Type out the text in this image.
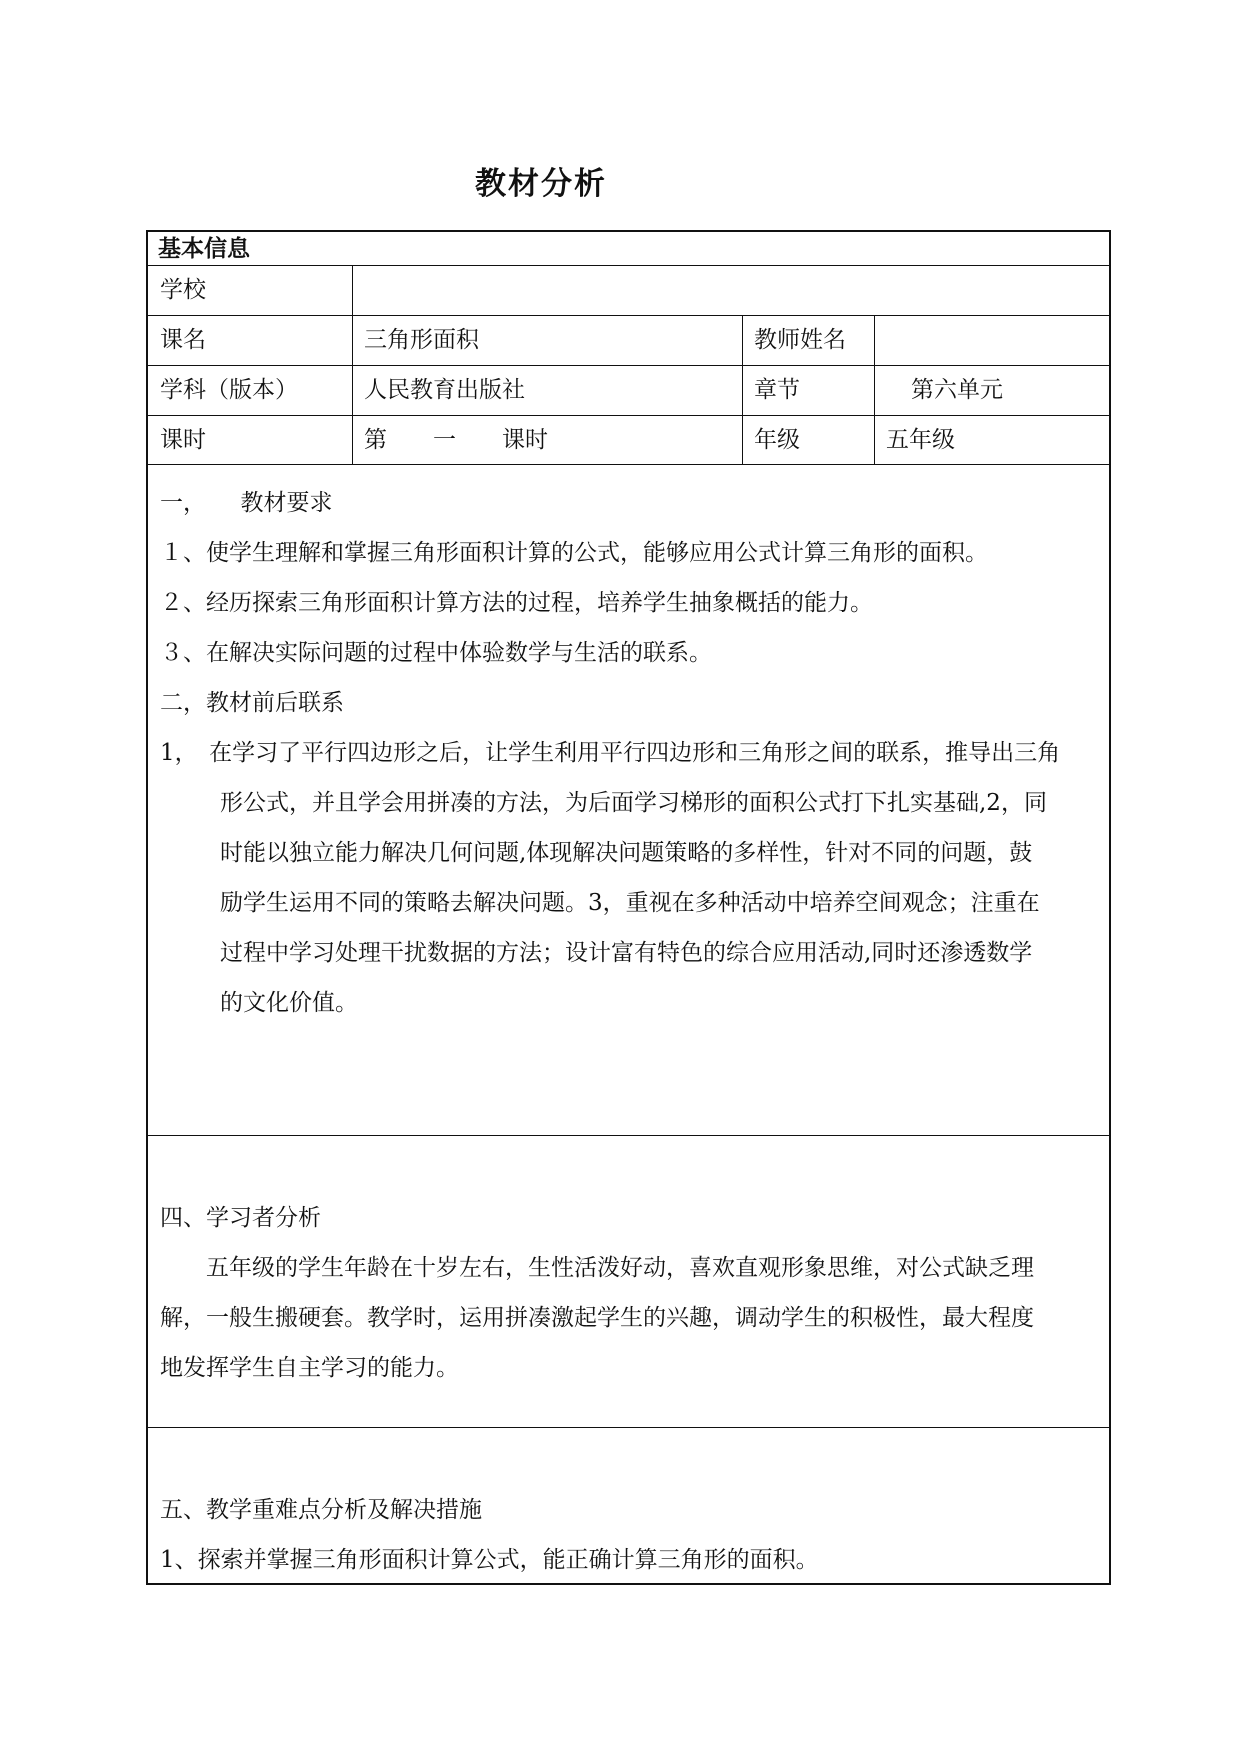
教材分析
基本信息
学校
课名	三角形面积	教师姓名
学科（版本）	人民教育出版社	章节	第六单元
课时	第　　一　　课时	年级	五年级
一，　　教材要求
１、使学生理解和掌握三角形面积计算的公式，能够应用公式计算三角形的面积。
２、经历探索三角形面积计算方法的过程，培养学生抽象概括的能力。
３、在解决实际问题的过程中体验数学与生活的联系。
二，教材前后联系
1，　在学习了平行四边形之后，让学生利用平行四边形和三角形之间的联系，推导出三角
形公式，并且学会用拼凑的方法，为后面学习梯形的面积公式打下扎实基础,2，同
时能以独立能力解决几何问题,体现解决问题策略的多样性，针对不同的问题，鼓
励学生运用不同的策略去解决问题。3，重视在多种活动中培养空间观念；注重在
过程中学习处理干扰数据的方法；设计富有特色的综合应用活动,同时还渗透数学
的文化价值。
四、学习者分析
　　五年级的学生年龄在十岁左右，生性活泼好动，喜欢直观形象思维，对公式缺乏理
解，一般生搬硬套。教学时，运用拼凑激起学生的兴趣，调动学生的积极性，最大程度
地发挥学生自主学习的能力。
五、教学重难点分析及解决措施
1、探索并掌握三角形面积计算公式，能正确计算三角形的面积。
